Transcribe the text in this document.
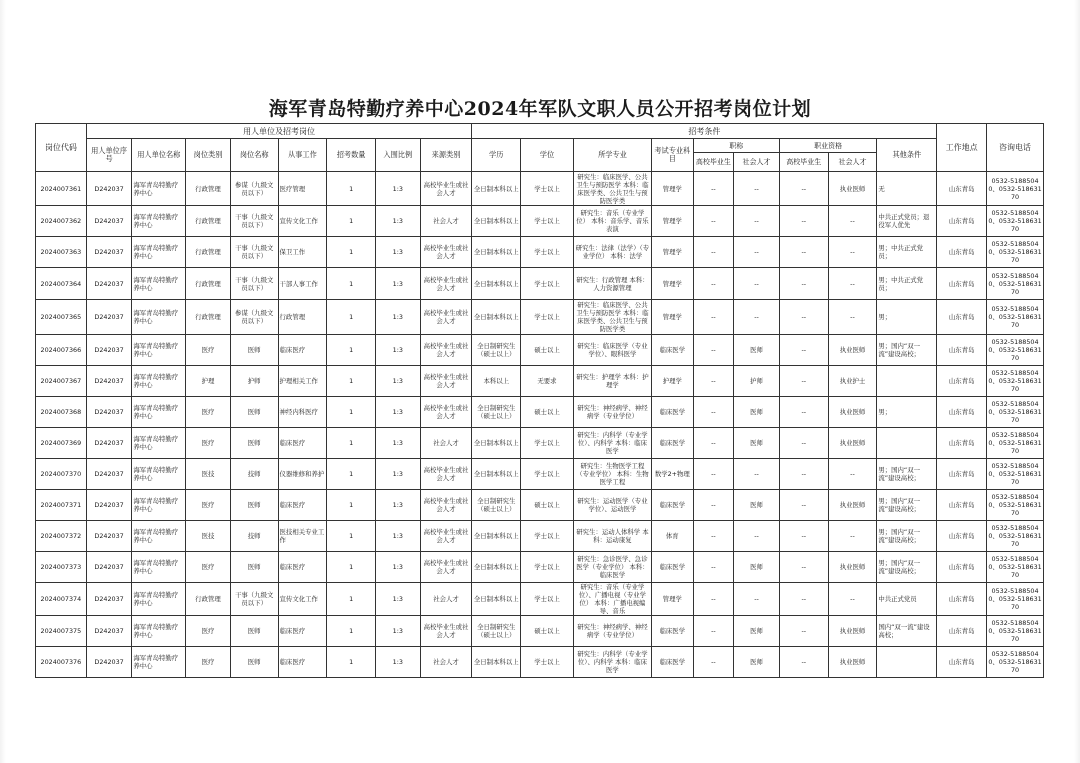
海军青岛特勤疗养中心2024年军队文职人员公开招考岗位计划
岗位代码	用人单位及招考岗位								招考条件									工作地点	咨询电话
	用人单位序号	用人单位名称	岗位类别	岗位名称	从事工作	招考数量	入围比例	来源类别	学历	学位	所学专业	考试专业科目	职称		职业资格		其他条件		
													高校毕业生	社会人才	高校毕业生	社会人才			
2024007361	D242037	海军青岛特勤疗养中心	行政管理	参谋（九级文员以下）	医疗管理	1	1:3	高校毕业生或社会人才	全日制本科以上	学士以上	研究生：临床医学、公共卫生与预防医学 本科：临床医学类、公共卫生与预防医学类	管理学	--	--	--	执业医师	无	山东青岛	0532-51885040、0532-51863170
2024007362	D242037	海军青岛特勤疗养中心	行政管理	干事（九级文员以下）	宣传文化工作	1	1:3	社会人才	全日制本科以上	学士以上	研究生：音乐（专业学位） 本科：音乐学、音乐表演	管理学	--	--	--	--	中共正式党员；退役军人优先	山东青岛	0532-51885040、0532-51863170
2024007363	D242037	海军青岛特勤疗养中心	行政管理	干事（九级文员以下）	保卫工作	1	1:3	高校毕业生或社会人才	全日制本科以上	学士以上	研究生：法律（法学）（专业学位） 本科：法学	管理学	--	--	--	--	男；中共正式党员；	山东青岛	0532-51885040、0532-51863170
2024007364	D242037	海军青岛特勤疗养中心	行政管理	干事（九级文员以下）	干部人事工作	1	1:3	高校毕业生或社会人才	全日制本科以上	学士以上	研究生：行政管理 本科：人力资源管理	管理学	--	--	--	--	男；中共正式党员；	山东青岛	0532-51885040、0532-51863170
2024007365	D242037	海军青岛特勤疗养中心	行政管理	参谋（九级文员以下）	行政管理	1	1:3	高校毕业生或社会人才	全日制本科以上	学士以上	研究生：临床医学、公共卫生与预防医学 本科：临床医学类、公共卫生与预防医学类	管理学	--	--	--	--	男；	山东青岛	0532-51885040、0532-51863170
2024007366	D242037	海军青岛特勤疗养中心	医疗	医师	临床医疗	1	1:3	高校毕业生或社会人才	全日制研究生（硕士以上）	硕士以上	研究生：临床医学（专业学位）、眼科医学	临床医学	--	医师	--	执业医师	男；国内“双一流”建设高校；	山东青岛	0532-51885040、0532-51863170
2024007367	D242037	海军青岛特勤疗养中心	护理	护师	护理相关工作	1	1:3	高校毕业生或社会人才	本科以上	无要求	研究生：护理学 本科：护理学	护理学	--	护师	--	执业护士		山东青岛	0532-51885040、0532-51863170
2024007368	D242037	海军青岛特勤疗养中心	医疗	医师	神经内科医疗	1	1:3	高校毕业生或社会人才	全日制研究生（硕士以上）	硕士以上	研究生：神经病学、神经病学（专业学位）	临床医学	--	医师	--	执业医师	男；	山东青岛	0532-51885040、0532-51863170
2024007369	D242037	海军青岛特勤疗养中心	医疗	医师	临床医疗	1	1:3	社会人才	全日制本科以上	学士以上	研究生：内科学（专业学位）、内科学 本科：临床医学	临床医学	--	医师	--	执业医师		山东青岛	0532-51885040、0532-51863170
2024007370	D242037	海军青岛特勤疗养中心	医技	技师	仪器维修和养护	1	1:3	高校毕业生或社会人才	全日制本科以上	学士以上	研究生：生物医学工程（专业学位） 本科：生物医学工程	数学2+物理	--	--	--	--	男；国内“双一流”建设高校；	山东青岛	0532-51885040、0532-51863170
2024007371	D242037	海军青岛特勤疗养中心	医疗	医师	临床医疗	1	1:3	高校毕业生或社会人才	全日制研究生（硕士以上）	硕士以上	研究生：运动医学（专业学位）、运动医学	临床医学	--	医师	--	执业医师	男；国内“双一流”建设高校；	山东青岛	0532-51885040、0532-51863170
2024007372	D242037	海军青岛特勤疗养中心	医技	技师	医技相关专业工作	1	1:3	高校毕业生或社会人才	全日制本科以上	学士以上	研究生：运动人体科学 本科：运动康复	体育	--	--	--	--	男；国内“双一流”建设高校；	山东青岛	0532-51885040、0532-51863170
2024007373	D242037	海军青岛特勤疗养中心	医疗	医师	临床医疗	1	1:3	高校毕业生或社会人才	全日制本科以上	学士以上	研究生：急诊医学、急诊医学（专业学位） 本科：临床医学	临床医学	--	医师	--	执业医师	男；国内“双一流”建设高校；	山东青岛	0532-51885040、0532-51863170
2024007374	D242037	海军青岛特勤疗养中心	行政管理	干事（九级文员以下）	宣传文化工作	1	1:3	社会人才	全日制本科以上	学士以上	研究生：音乐（专业学位）、广播电视（专业学位） 本科：广播电视编导、音乐	管理学	--	--	--	--	中共正式党员	山东青岛	0532-51885040、0532-51863170
2024007375	D242037	海军青岛特勤疗养中心	医疗	医师	临床医疗	1	1:3	高校毕业生或社会人才	全日制研究生（硕士以上）	硕士以上	研究生：神经病学、神经病学（专业学位）	临床医学	--	医师	--	执业医师	国内“双一流”建设高校；	山东青岛	0532-51885040、0532-51863170
2024007376	D242037	海军青岛特勤疗养中心	医疗	医师	临床医疗	1	1:3	社会人才	全日制本科以上	学士以上	研究生：内科学（专业学位）、内科学 本科：临床医学	临床医学	--	医师	--	执业医师		山东青岛	0532-51885040、0532-51863170
